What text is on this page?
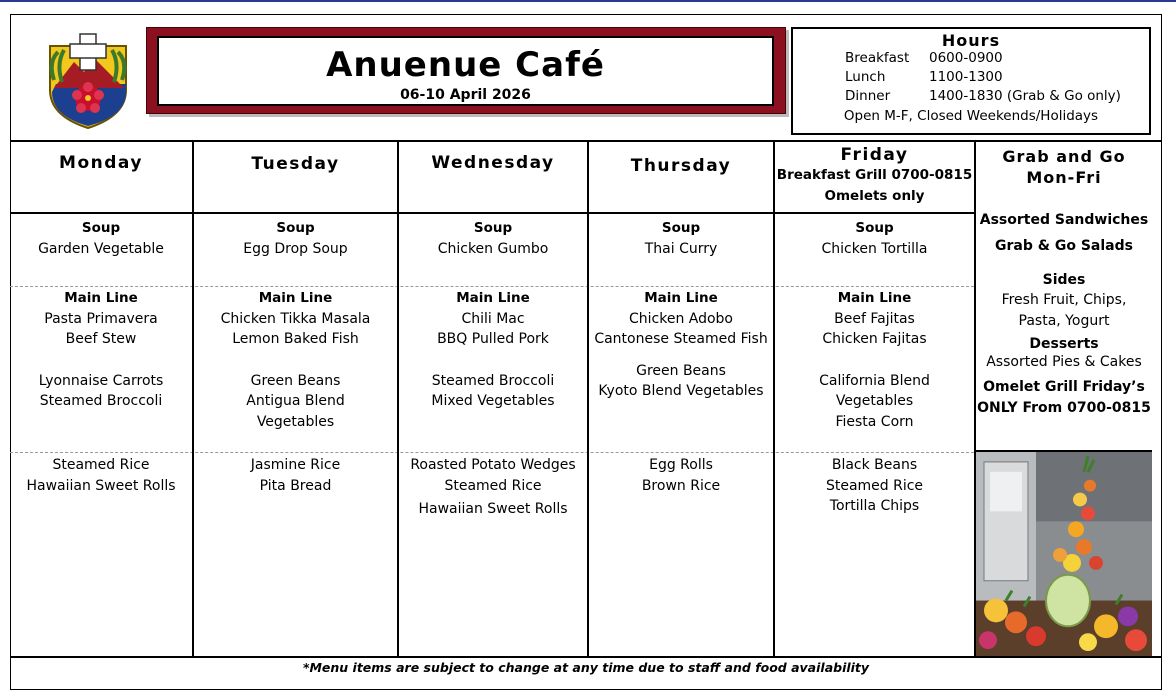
Anuenue Café
06-10 April 2026
Hours
Breakfast 0600-0900
Lunch	1100-1300
Dinner	1400-1830 (Grab & Go only)
Open M-F, Closed Weekends/Holidays
Monday
Soup
Garden Vegetable
Main Line
Pasta Primavera
Beef Stew
Lyonnaise Carrots
Steamed Broccoli
Steamed Rice
Hawaiian Sweet Rolls
Tuesday
Soup
Egg Drop Soup
Main Line
Chicken Tikka Masala
Lemon Baked Fish
Green Beans
Antigua Blend
Vegetables
Jasmine Rice
Pita Bread
Wednesday
Soup
Chicken Gumbo
Main Line
Chili Mac
BBQ Pulled Pork
Steamed Broccoli
Mixed Vegetables
Roasted Potato Wedges
Steamed Rice
Hawaiian Sweet Rolls
Thursday
Soup
Thai Curry
Main Line
Chicken Adobo
Cantonese Steamed Fish
Green Beans
Kyoto Blend Vegetables
Egg Rolls
Brown Rice
Friday
Breakfast Grill 0700-0815
Omelets only
Soup
Chicken Tortilla
Main Line
Beef Fajitas
Chicken Fajitas
California Blend
Vegetables
Fiesta Corn
Black Beans
Steamed Rice
Tortilla Chips
Grab and Go
Mon-Fri
Assorted Sandwiches
Grab & Go Salads
Sides
Fresh Fruit, Chips,
Pasta, Yogurt
Desserts
Assorted Pies & Cakes
Omelet Grill Friday’s
ONLY From 0700-0815
*Menu items are subject to change at any time due to staff and food availability
